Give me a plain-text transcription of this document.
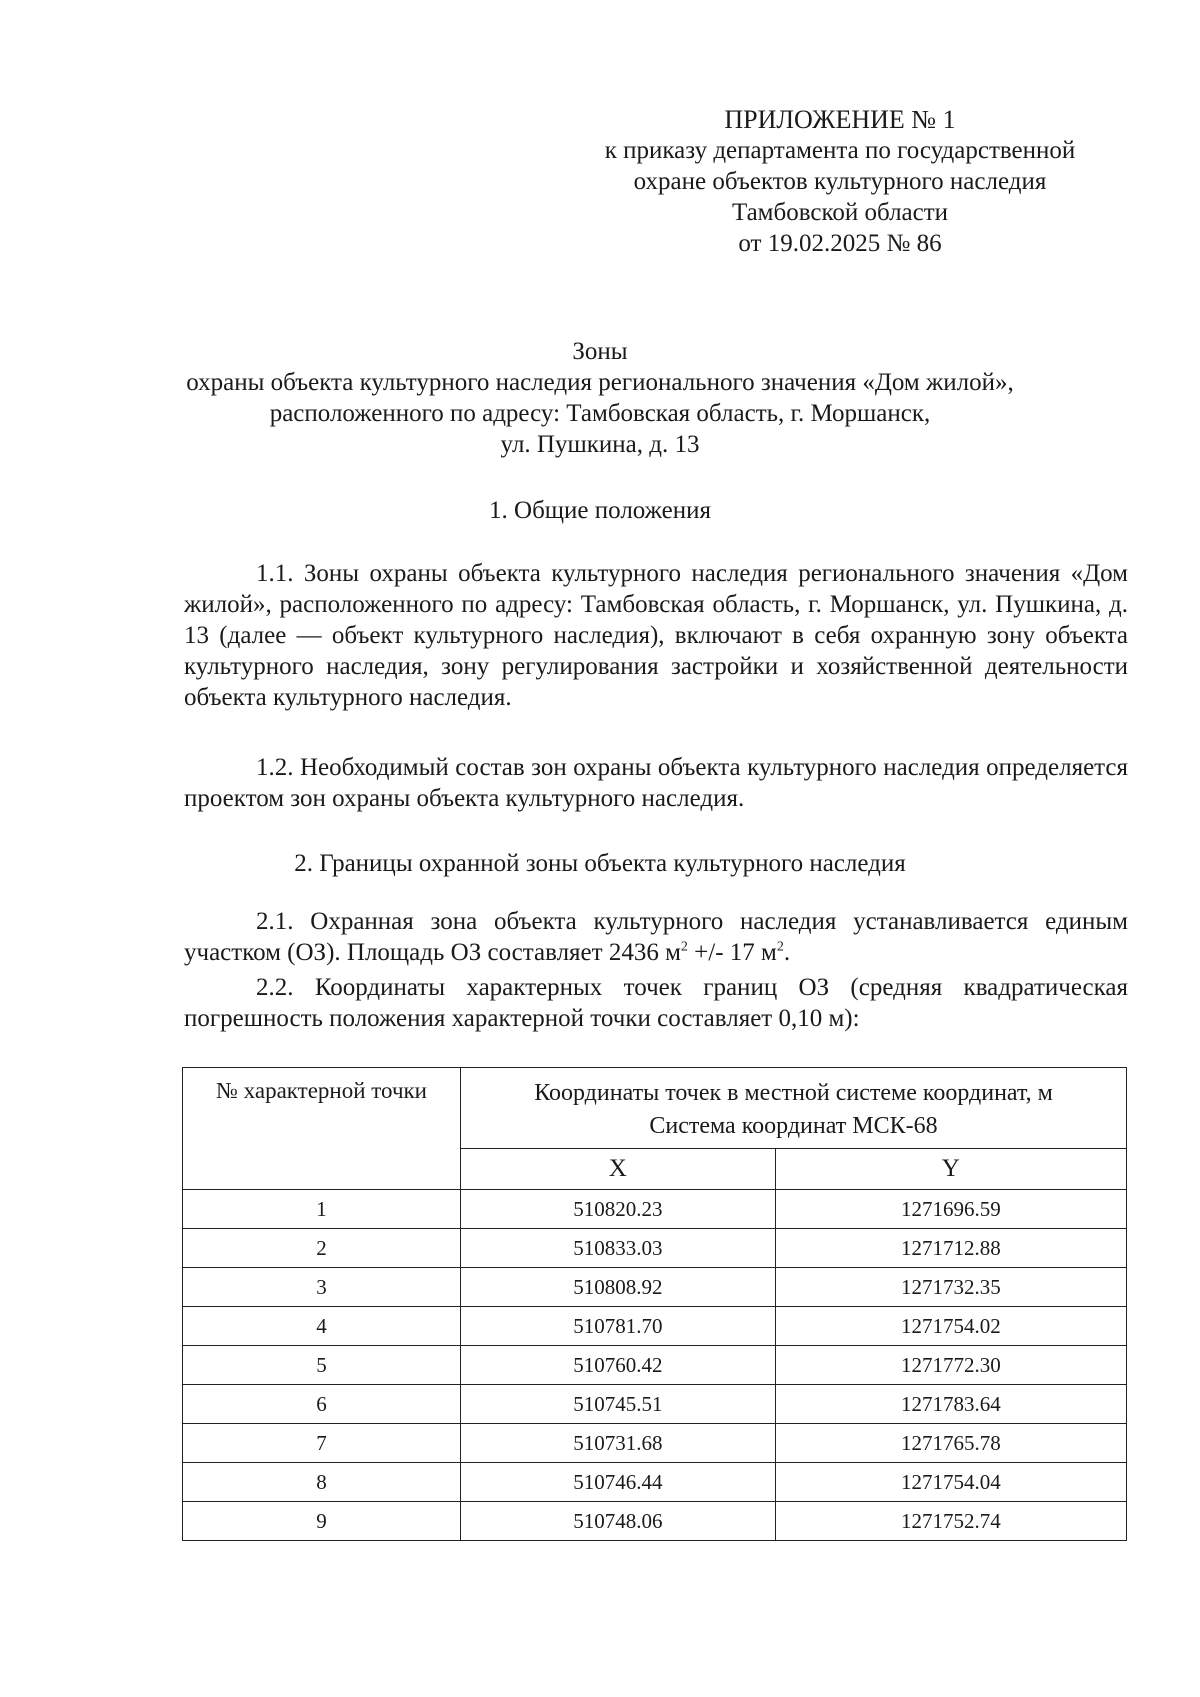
ПРИЛОЖЕНИЕ № 1
к приказу департамента по государственной
охране объектов культурного наследия
Тамбовской области
от 19.02.2025 № 86
Зоны
охраны объекта культурного наследия регионального значения «Дом жилой»,
расположенного по адресу: Тамбовская область, г. Моршанск,
ул. Пушкина, д. 13
1. Общие положения

1.1. Зоны охраны объекта культурного наследия регионального значения «Дом жилой», расположенного по адресу: Тамбовская область, г. Моршанск, ул. Пушкина, д. 13 (далее — объект культурного наследия), включают в себя охранную зону объекта культурного наследия, зону регулирования застройки и хозяйственной деятельности объекта культурного наследия.

1.2. Необходимый состав зон охраны объекта культурного наследия определяется проектом зон охраны объекта культурного наследия.

2. Границы охранной зоны объекта культурного наследия

2.1. Охранная зона объекта культурного наследия устанавливается единым участком (ОЗ). Площадь ОЗ составляет 2436 $м^2$ +/- 17 $м^2$.

2.2. Координаты характерных точек границ ОЗ (средняя квадратическая погрешность положения характерной точки составляет 0,10 м):

№ характерной точки	Координаты точек в местной системе координат, м
Система координат МСК-68	

	X	Y
1	510820.23	1271696.59
2	510833.03	1271712.88
3	510808.92	1271732.35
4	510781.70	1271754.02
5	510760.42	1271772.30
6	510745.51	1271783.64
7	510731.68	1271765.78
8	510746.44	1271754.04
9	510748.06	1271752.74
